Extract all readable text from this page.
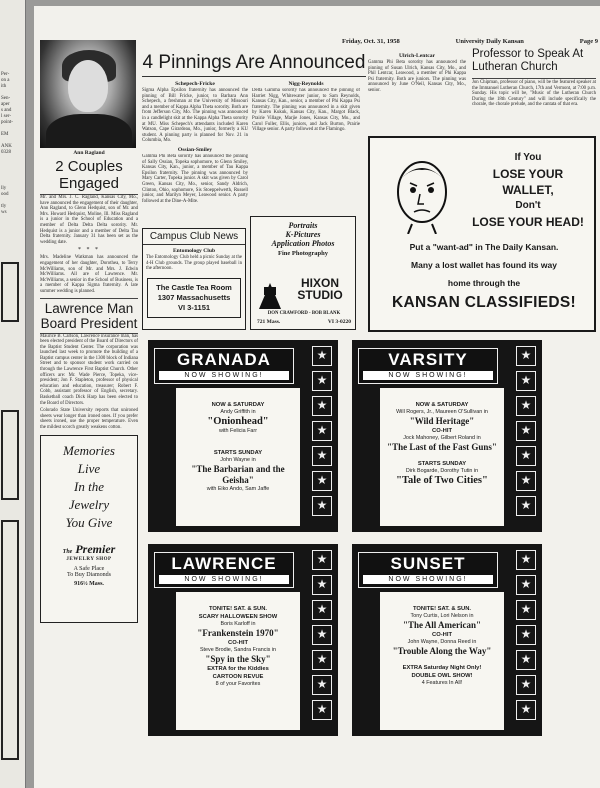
Per-
on a
ith

Sen-
aper
s and
l ser-
point-

EM

ANK
0328

lly
ood

tly
ws

Friday, Oct. 31, 1958	University Daily Kansan	Page 9
Ann Ragland
2 Couples Engaged

Mr. and Mrs. J. C. Ragland, Kansas City, Mo., have announced the engagement of their daughter, Ann Ragland, to Glenn Hedquist, son of Mr. and Mrs. Howard Hedquist, Moline, Ill. Miss Ragland is a junior in the School of Education and a member of Delta Delta Delta sorority. Mr. Hedquist is a junior and a member of Delta Tau Delta fraternity. January 31 has been set as the wedding date.

* * *

Mrs. Madeline Watkman has announced the engagement of her daughter, Dorothea, to Terry McWilliams, son of Mr. and Mrs. J. Edwin McWilliams. All are of Lawrence. Mr. McWilliams, a senior in the School of Business, is a member of Kappa Sigma fraternity. A late summer wedding is planned.

Lawrence Man Board President

Maurice B. Carlson, Lawrence insurance man, has been elected president of the Board of Directors of the Baptist Student Center. The corporation was launched last week to promote the building of a Baptist campus center in the 1300 block of Indiana Street and to sponsor student work carried on through the Lawrence First Baptist Church. Other officers are: Mr. Wade Pierce, Topeka, vice-president; Jon F. Stapleton, professor of physical education and education, treasurer; Robert F. Cobb, assistant professor of English, secretary. Basketball coach Dick Harp has been elected to the Board of Directors.

Colorado State University reports that unironed sheets wear longer than ironed ones. If you prefer sheets ironed, use the proper temperature. Even the mildest scorch greatly weakens cotton.

Memories
Live
In the
Jewelry
You Give
The Premier
JEWELRY SHOP
A Safe Place
To Buy Diamonds
916½ Mass.
4 Pinnings Are Announced
Schepech-Fricke

Sigma Alpha Epsilon fraternity has announced the pinning of Bill Fricke, junior, to Barbara Ann Schepech, a freshman at the University of Missouri and a member of Kappa Alpha Theta sorority. Both are from Jefferson City, Mo. The pinning was announced in a candlelight skit at the Kappa Alpha Theta sorority at MU. Miss Schepech's attendants included Karen Watson, Cape Girardeau, Mo., junior, formerly a KU student. A pinning party is planned for Nov. 21 in Columbia, Mo.

Ossian-Smiley

Gamma Phi Beta sorority has announced the pinning of Sally Ossian, Topeka sophomore, to Glenn Smiley, Kansas City, Kan., junior, a member of Tau Kappa Epsilon fraternity. The pinning was announced by Mary Carter, Topeka junior. A skit was given by Carol Green, Kansas City, Mo., senior, Sandy Aldrich, Clinton, Ohio, sophomore, Sis Stoeppelwerth, Russell junior, and Marilyn Meyer, Leawood senior. A party followed at the Dine-A-Mite.

Nigg-Reynolds

Delta Gamma sorority has announced the pinning of Harriet Nigg, Whitewater junior, to Sam Reynolds, Kansas City, Kan., senior, a member of Phi Kappa Psi fraternity. The pinning was announced in a skit given by Karen Kukuk, Kansas City, Kan., Margot Black, Prairie Village, Marjie Jones, Kansas City, Mo., and Carol Fuller, Ellis, juniors, and Jack Burton, Prairie Village senior. A party followed at the Flamingo.

Campus Club News
Entomology Club

The Entomology Club held a picnic Sunday at the 4-H Club grounds. The group played baseball in the afternoon.

The Castle Tea Room
1307 Massachusetts
VI 3-1151
Portraits
K-Pictures
Application Photos
Fine Photography
HIXON
STUDIO
DON CRAWFORD - BOB BLANK
721 Mass.	VI 3-0220
Ulrich-Lentcar

Gamma Phi Beta sorority has announced the pinning of Susan Ulrich, Kansas City, Mo., and Phil Lentcar, Leawood, a member of Phi Kappa Psi fraternity. Both are juniors. The pinning was announced by June O'Neil, Kansas City, Mo., senior.

Professor to Speak At Lutheran Church

Jon Chipman, professor of piano, will be the featured speaker at the Immanuel Lutheran Church, 17th and Vermont, at 7:00 p.m. Sunday. His topic will be, "Music of the Lutheran Church During the 18th Century" and will include specifically the chorale, the chorale prelude, and the cantata of that era.

If You
LOSE YOUR WALLET,
Don't
LOSE YOUR HEAD!
Put a "want-ad" in The Daily Kansan.
Many a lost wallet has found its way
home through the
KANSAN CLASSIFIEDS!
GRANADA
NOW SHOWING!
NOW & SATURDAY
Andy Griffith in
"Onionhead"
with Felicia Farr
STARTS SUNDAY
John Wayne in
"The Barbarian and the Geisha"
with Eiko Ando, Sam Jaffe
★
★
★
★
★
★
★
VARSITY
NOW SHOWING!
NOW & SATURDAY
Will Rogers, Jr., Maureen O'Sullivan in
"Wild Heritage"
CO-HIT
Jock Mahoney, Gilbert Roland in
"The Last of the Fast Guns"
STARTS SUNDAY
Dirk Bogarde, Dorothy Tutin in
"Tale of Two Cities"
★
★
★
★
★
★
★
LAWRENCE
NOW SHOWING!
TONITE! SAT. & SUN.
SCARY HALLOWEEN SHOW
Boris Karloff in
"Frankenstein 1970"
CO-HIT
Steve Brodie, Sandra Francis in
"Spy in the Sky"
EXTRA for the Kiddies
CARTOON REVUE
8 of your Favorites
★
★
★
★
★
★
★
SUNSET
NOW SHOWING!
TONITE! SAT. & SUN.
Tony Curtis, Lori Nelson in
"The All American"
CO-HIT
John Wayne, Donna Reed in
"Trouble Along the Way"
EXTRA Saturday Night Only!
DOUBLE OWL SHOW!
4 Features In All!
★
★
★
★
★
★
★
